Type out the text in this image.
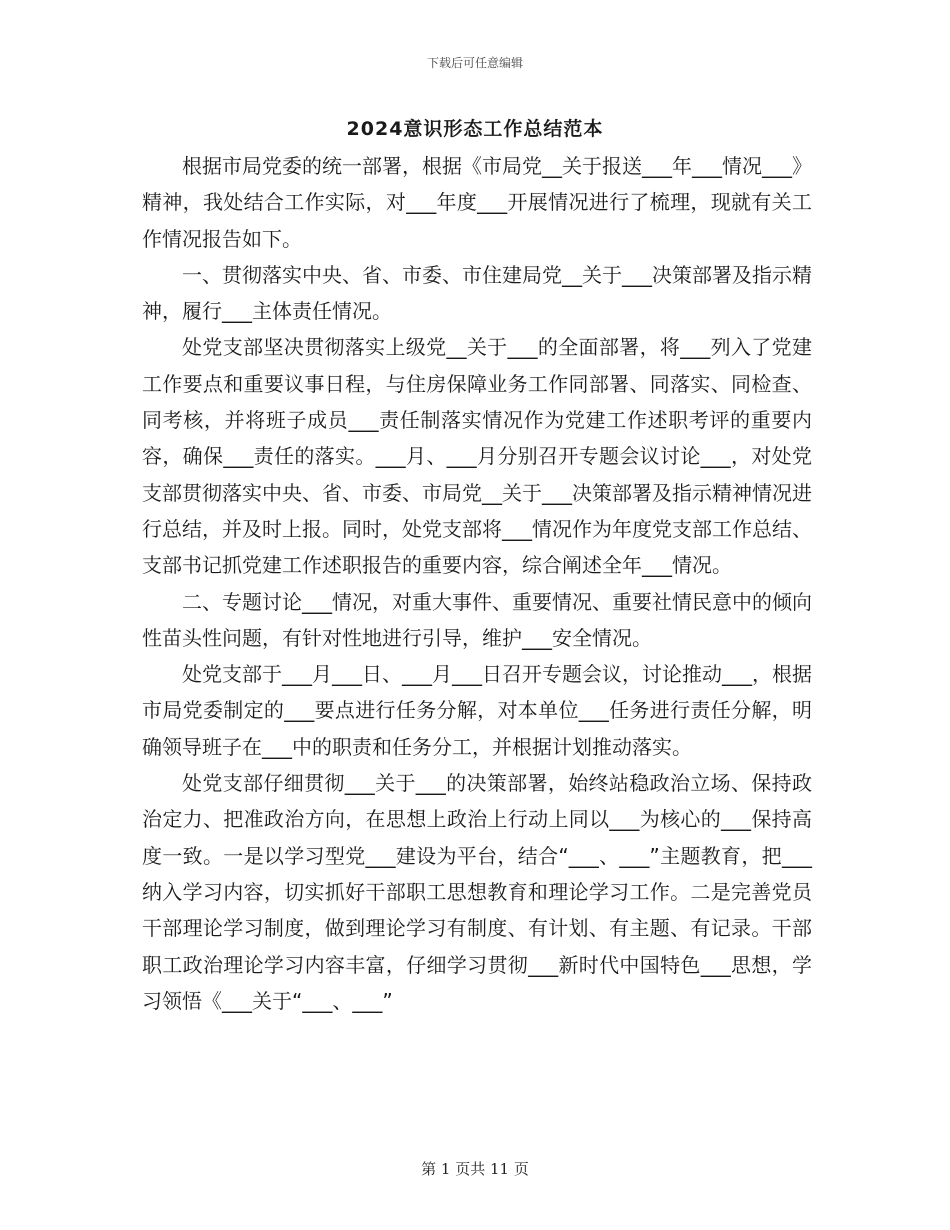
下载后可任意编辑
2024意识形态工作总结范本

根据市局党委的统一部署，根据《市局党__关于报送___年___情况___》精神，我处结合工作实际，对___年度___开展情况进行了梳理，现就有关工作情况报告如下。

一、贯彻落实中央、省、市委、市住建局党__关于___决策部署及指示精神，履行___主体责任情况。

处党支部坚决贯彻落实上级党__关于___的全面部署，将___列入了党建工作要点和重要议事日程，与住房保障业务工作同部署、同落实、同检查、同考核，并将班子成员___责任制落实情况作为党建工作述职考评的重要内容，确保___责任的落实。___月、___月分别召开专题会议讨论___，对处党支部贯彻落实中央、省、市委、市局党__关于___决策部署及指示精神情况进行总结，并及时上报。同时，处党支部将___情况作为年度党支部工作总结、支部书记抓党建工作述职报告的重要内容，综合阐述全年___情况。

二、专题讨论___情况，对重大事件、重要情况、重要社情民意中的倾向性苗头性问题，有针对性地进行引导，维护___安全情况。

处党支部于___月___日、___月___日召开专题会议，讨论推动___，根据市局党委制定的___要点进行任务分解，对本单位___任务进行责任分解，明确领导班子在___中的职责和任务分工，并根据计划推动落实。

处党支部仔细贯彻___关于___的决策部署，始终站稳政治立场、保持政治定力、把准政治方向，在思想上政治上行动上同以___为核心的___保持高度一致。一是以学习型党___建设为平台，结合“___、___”主题教育，把___纳入学习内容，切实抓好干部职工思想教育和理论学习工作。二是完善党员干部理论学习制度，做到理论学习有制度、有计划、有主题、有记录。干部职工政治理论学习内容丰富，仔细学习贯彻___新时代中国特色___思想，学习领悟《___关于“___、___”

第 1 页共 11 页
